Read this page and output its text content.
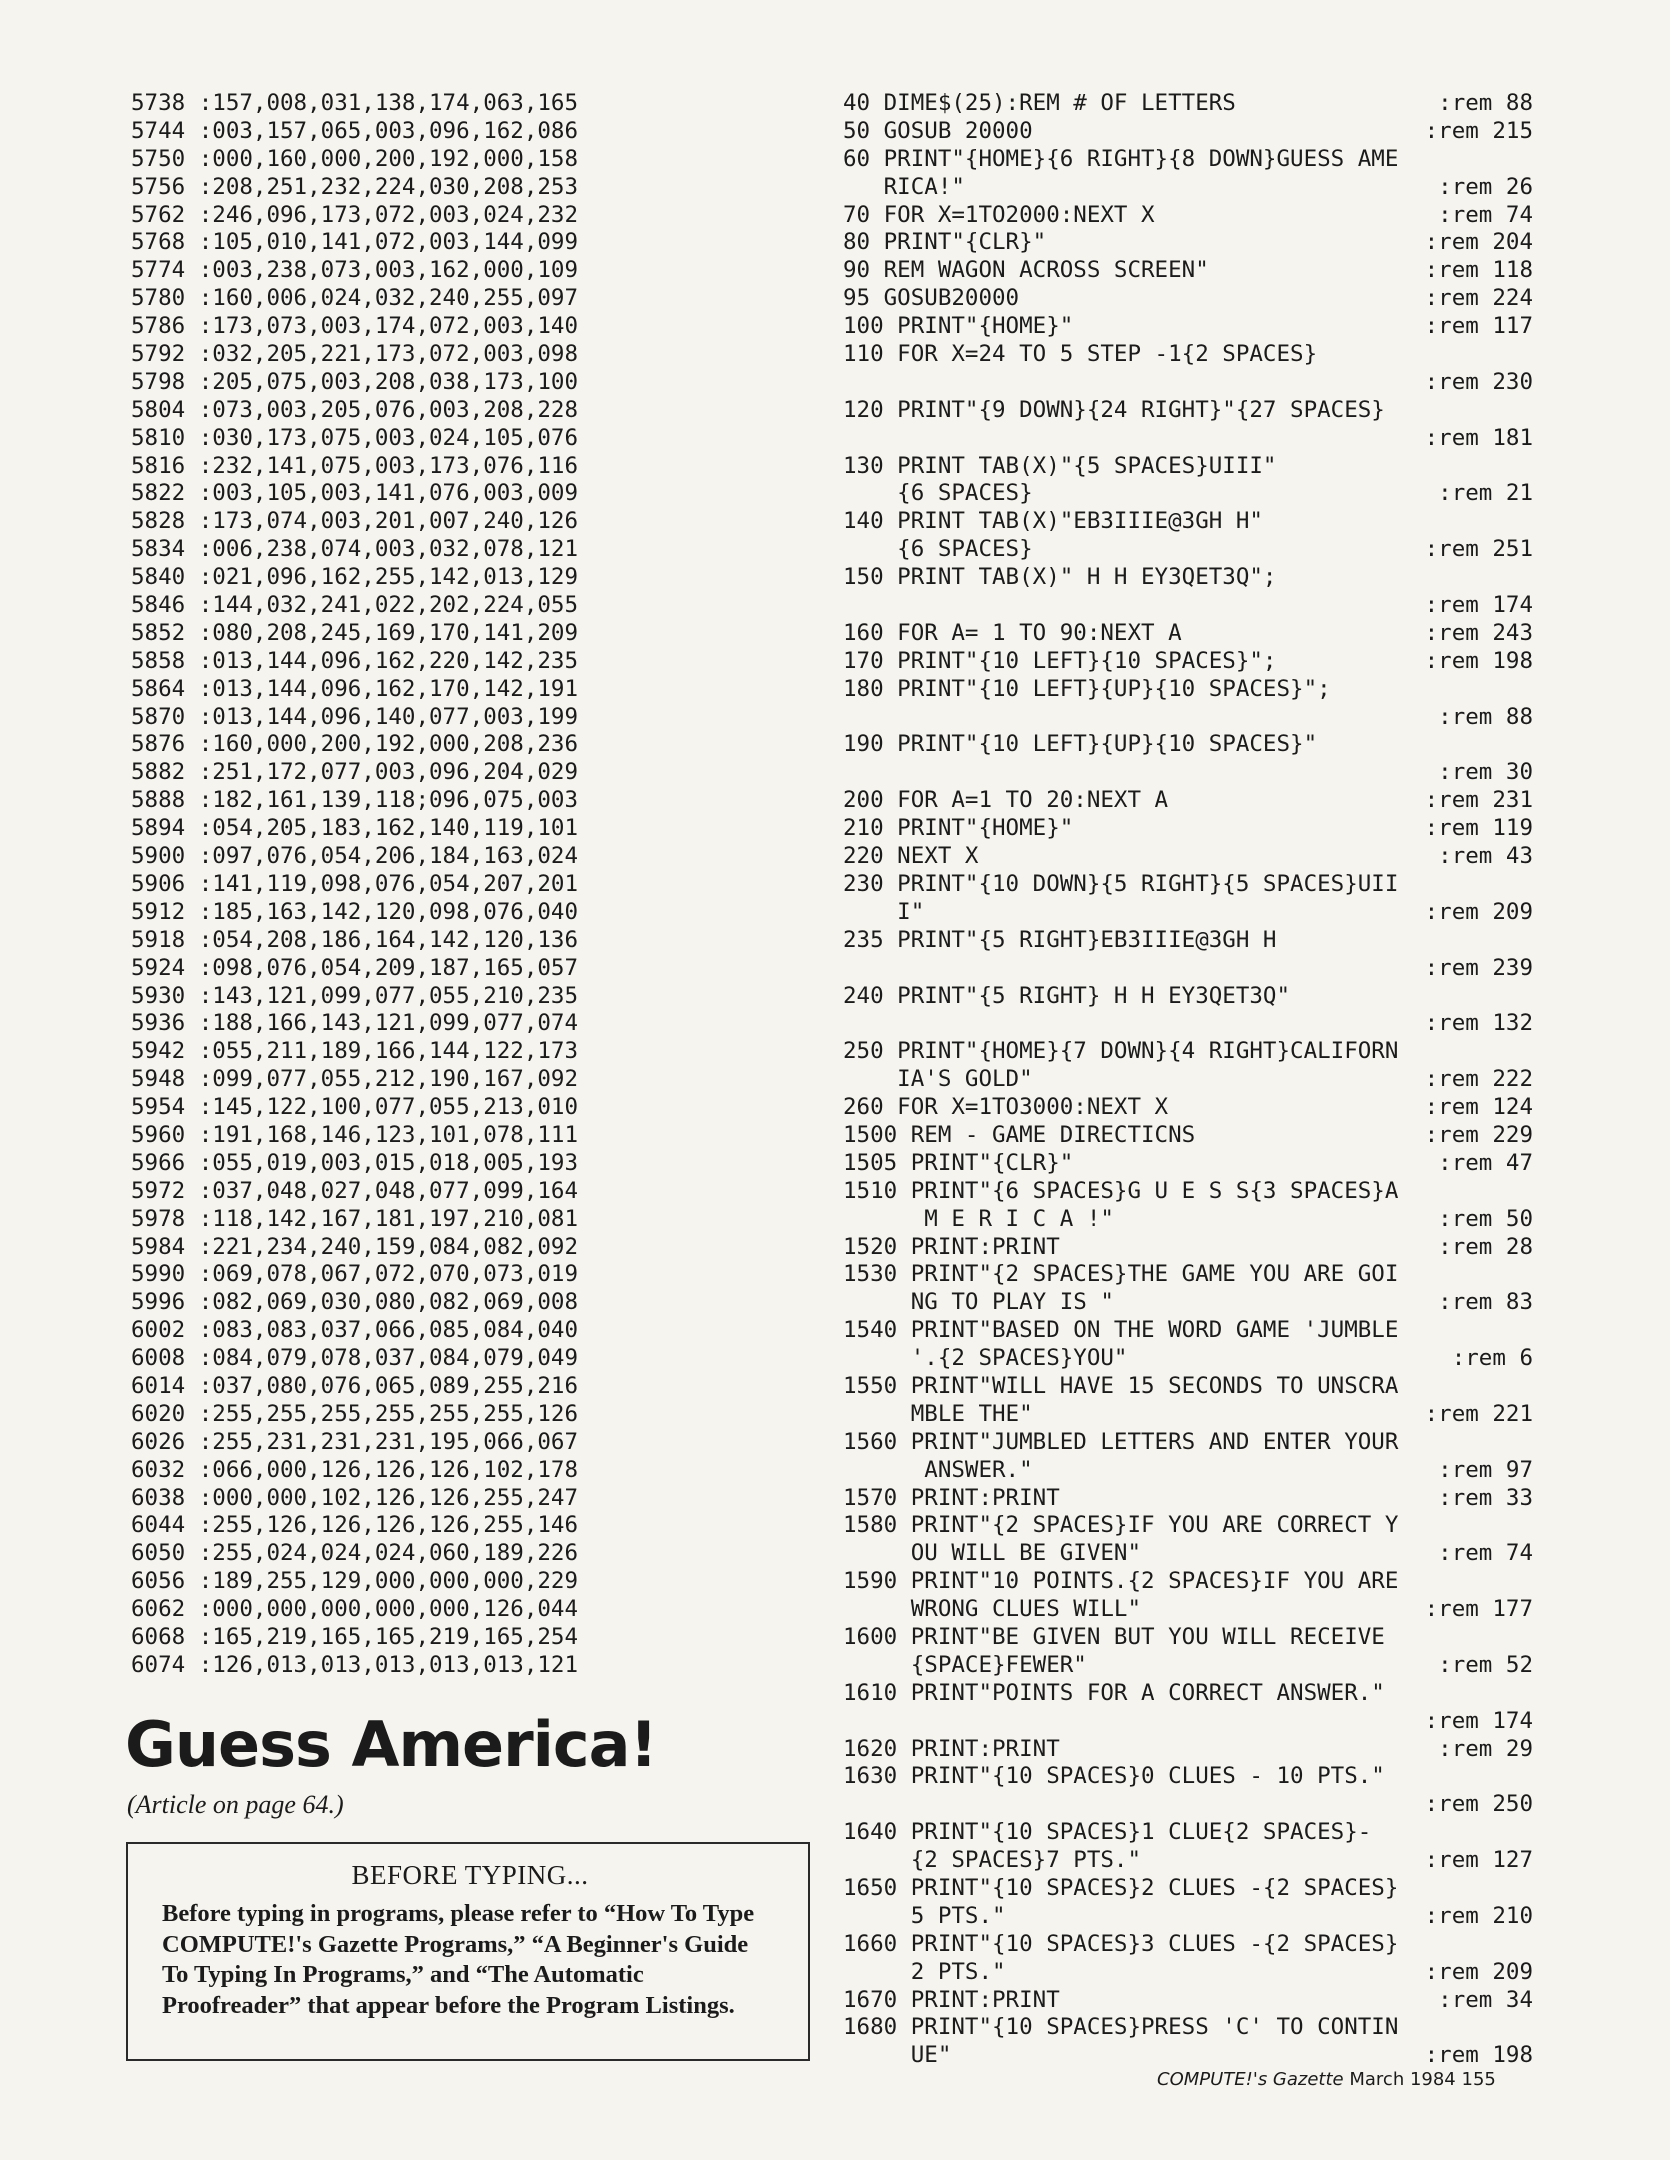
5738 :157,008,031,138,174,063,165
5744 :003,157,065,003,096,162,086
5750 :000,160,000,200,192,000,158
5756 :208,251,232,224,030,208,253
5762 :246,096,173,072,003,024,232
5768 :105,010,141,072,003,144,099
5774 :003,238,073,003,162,000,109
5780 :160,006,024,032,240,255,097
5786 :173,073,003,174,072,003,140
5792 :032,205,221,173,072,003,098
5798 :205,075,003,208,038,173,100
5804 :073,003,205,076,003,208,228
5810 :030,173,075,003,024,105,076
5816 :232,141,075,003,173,076,116
5822 :003,105,003,141,076,003,009
5828 :173,074,003,201,007,240,126
5834 :006,238,074,003,032,078,121
5840 :021,096,162,255,142,013,129
5846 :144,032,241,022,202,224,055
5852 :080,208,245,169,170,141,209
5858 :013,144,096,162,220,142,235
5864 :013,144,096,162,170,142,191
5870 :013,144,096,140,077,003,199
5876 :160,000,200,192,000,208,236
5882 :251,172,077,003,096,204,029
5888 :182,161,139,118;096,075,003
5894 :054,205,183,162,140,119,101
5900 :097,076,054,206,184,163,024
5906 :141,119,098,076,054,207,201
5912 :185,163,142,120,098,076,040
5918 :054,208,186,164,142,120,136
5924 :098,076,054,209,187,165,057
5930 :143,121,099,077,055,210,235
5936 :188,166,143,121,099,077,074
5942 :055,211,189,166,144,122,173
5948 :099,077,055,212,190,167,092
5954 :145,122,100,077,055,213,010
5960 :191,168,146,123,101,078,111
5966 :055,019,003,015,018,005,193
5972 :037,048,027,048,077,099,164
5978 :118,142,167,181,197,210,081
5984 :221,234,240,159,084,082,092
5990 :069,078,067,072,070,073,019
5996 :082,069,030,080,082,069,008
6002 :083,083,037,066,085,084,040
6008 :084,079,078,037,084,079,049
6014 :037,080,076,065,089,255,216
6020 :255,255,255,255,255,255,126
6026 :255,231,231,231,195,066,067
6032 :066,000,126,126,126,102,178
6038 :000,000,102,126,126,255,247
6044 :255,126,126,126,126,255,146
6050 :255,024,024,024,060,189,226
6056 :189,255,129,000,000,000,229
6062 :000,000,000,000,000,126,044
6068 :165,219,165,165,219,165,254
6074 :126,013,013,013,013,013,121
40 DIME$(25):REM # OF LETTERS	:rem 88
50 GOSUB 20000	:rem 215
60 PRINT"{HOME}{6 RIGHT}{8 DOWN}GUESS AME
RICA!"	:rem 26
70 FOR X=1TO2000:NEXT X	:rem 74
80 PRINT"{CLR}"	:rem 204
90 REM WAGON ACROSS SCREEN"	:rem 118
95 GOSUB20000	:rem 224
100 PRINT"{HOME}"	:rem 117
110 FOR X=24 TO 5 STEP -1{2 SPACES}
:rem 230
120 PRINT"{9 DOWN}{24 RIGHT}"{27 SPACES}
:rem 181
130 PRINT TAB(X)"{5 SPACES}UIII"
{6 SPACES}	:rem 21
140 PRINT TAB(X)"EB3IIIE@3GH H"
{6 SPACES}	:rem 251
150 PRINT TAB(X)" H H EY3QET3Q";
:rem 174
160 FOR A= 1 TO 90:NEXT A	:rem 243
170 PRINT"{10 LEFT}{10 SPACES}";	:rem 198
180 PRINT"{10 LEFT}{UP}{10 SPACES}";
:rem 88
190 PRINT"{10 LEFT}{UP}{10 SPACES}"
:rem 30
200 FOR A=1 TO 20:NEXT A	:rem 231
210 PRINT"{HOME}"	:rem 119
220 NEXT X	:rem 43
230 PRINT"{10 DOWN}{5 RIGHT}{5 SPACES}UII
I"	:rem 209
235 PRINT"{5 RIGHT}EB3IIIE@3GH H
:rem 239
240 PRINT"{5 RIGHT} H H EY3QET3Q"
:rem 132
250 PRINT"{HOME}{7 DOWN}{4 RIGHT}CALIFORN
IA'S GOLD"	:rem 222
260 FOR X=1TO3000:NEXT X	:rem 124
1500 REM - GAME DIRECTICNS	:rem 229
1505 PRINT"{CLR}"	:rem 47
1510 PRINT"{6 SPACES}G U E S S{3 SPACES}A
M E R I C A !"	:rem 50
1520 PRINT:PRINT	:rem 28
1530 PRINT"{2 SPACES}THE GAME YOU ARE GOI
NG TO PLAY IS "	:rem 83
1540 PRINT"BASED ON THE WORD GAME 'JUMBLE
'.{2 SPACES}YOU"	:rem 6
1550 PRINT"WILL HAVE 15 SECONDS TO UNSCRA
MBLE THE"	:rem 221
1560 PRINT"JUMBLED LETTERS AND ENTER YOUR
ANSWER."	:rem 97
1570 PRINT:PRINT	:rem 33
1580 PRINT"{2 SPACES}IF YOU ARE CORRECT Y
OU WILL BE GIVEN"	:rem 74
1590 PRINT"10 POINTS.{2 SPACES}IF YOU ARE
WRONG CLUES WILL"	:rem 177
1600 PRINT"BE GIVEN BUT YOU WILL RECEIVE
{SPACE}FEWER"	:rem 52
1610 PRINT"POINTS FOR A CORRECT ANSWER."
:rem 174
1620 PRINT:PRINT	:rem 29
1630 PRINT"{10 SPACES}0 CLUES - 10 PTS."
:rem 250
1640 PRINT"{10 SPACES}1 CLUE{2 SPACES}-
{2 SPACES}7 PTS."	:rem 127
1650 PRINT"{10 SPACES}2 CLUES -{2 SPACES}
5 PTS."	:rem 210
1660 PRINT"{10 SPACES}3 CLUES -{2 SPACES}
2 PTS."	:rem 209
1670 PRINT:PRINT	:rem 34
1680 PRINT"{10 SPACES}PRESS 'C' TO CONTIN
UE"	:rem 198
Guess America!
(Article on page 64.)
BEFORE TYPING...

Before typing in programs, please refer to “How To Type COMPUTE!'s Gazette Programs,” “A Beginner's Guide To Typing In Programs,” and “The Automatic Proofreader” that appear before the Program Listings.

COMPUTE!'s Gazette March 1984 155
